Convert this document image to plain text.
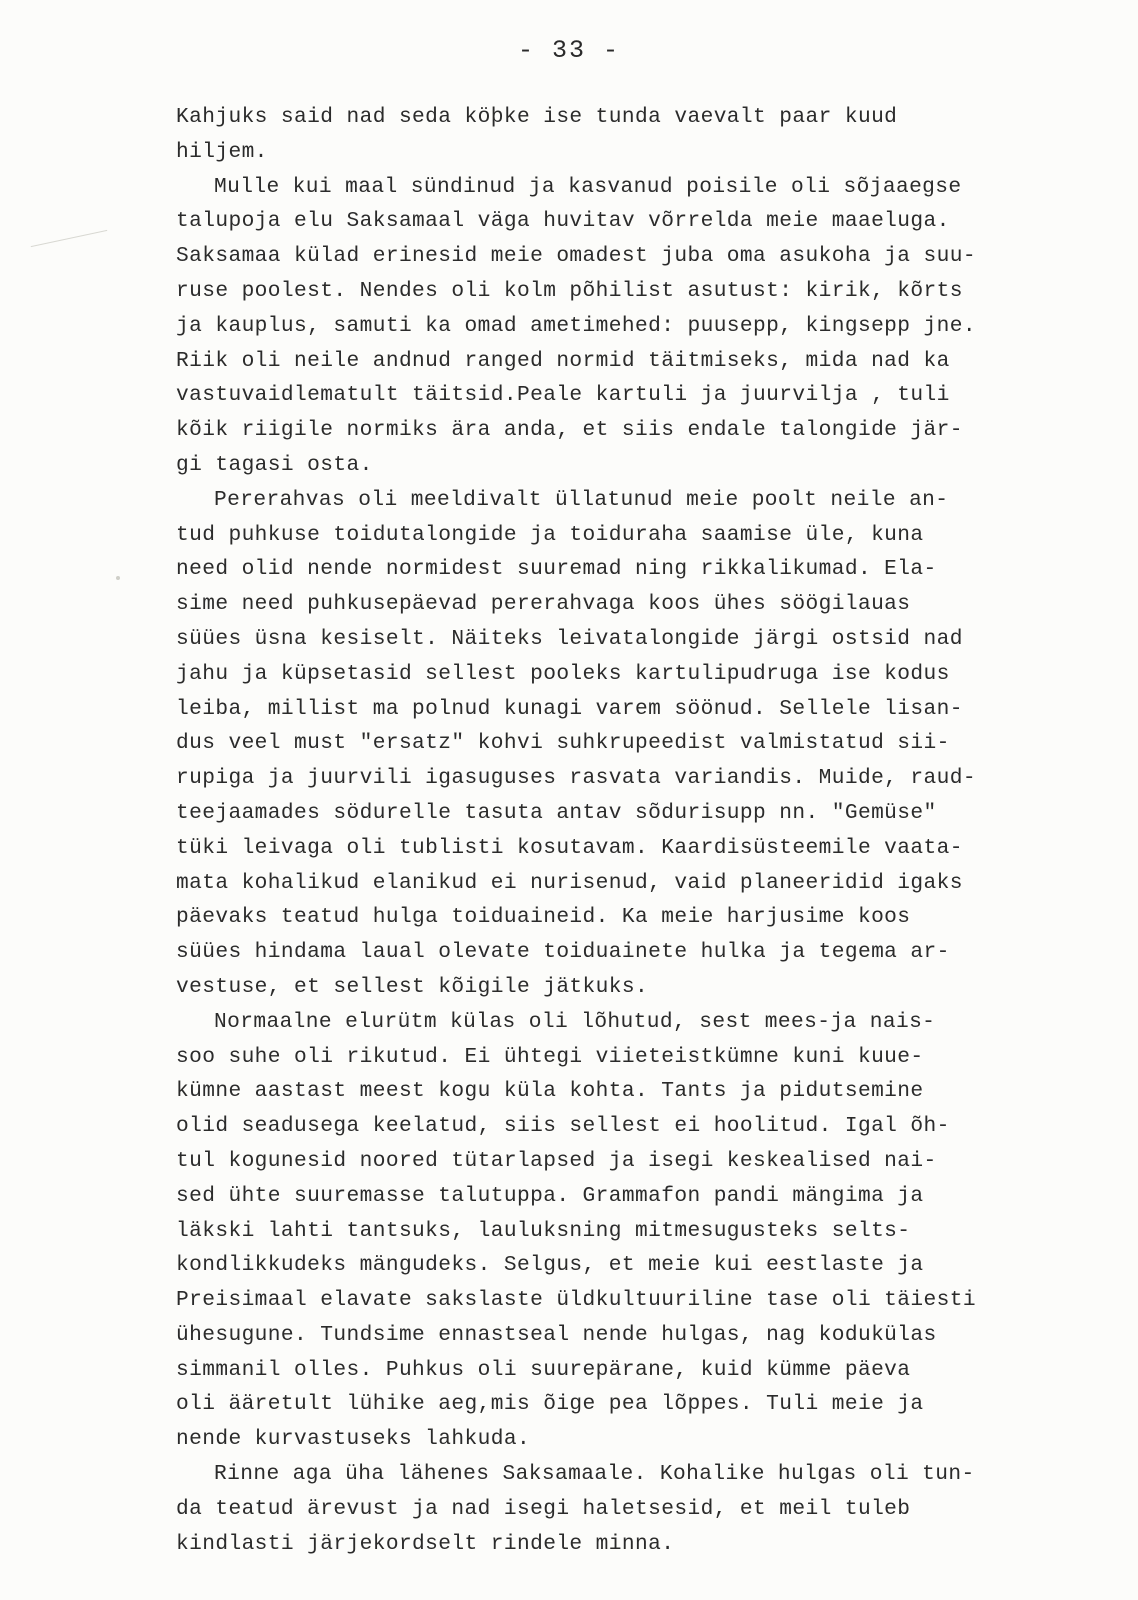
- 33 -
Kahjuks said nad seda köþke ise tunda vaevalt paar kuud
hiljem.
Mulle kui maal sündinud ja kasvanud poisile oli sõjaaegse
talupoja elu Saksamaal väga huvitav võrrelda meie maaeluga.
Saksamaa külad erinesid meie omadest juba oma asukoha ja suu-
ruse poolest. Nendes oli kolm põhilist asutust: kirik, kõrts
ja kauplus, samuti ka omad ametimehed: puusepp, kingsepp jne.
Riik oli neile andnud ranged normid täitmiseks, mida nad ka
vastuvaidlematult täitsid.Peale kartuli ja juurvilja , tuli
kõik riigile normiks ära anda, et siis endale talongide jär-
gi tagasi osta.
Pererahvas oli meeldivalt üllatunud meie poolt neile an-
tud puhkuse toidutalongide ja toiduraha saamise üle, kuna
need olid nende normidest suuremad ning rikkalikumad. Ela-
sime need puhkusepäevad pererahvaga koos ühes söögilauas
süües üsna kesiselt. Näiteks leivatalongide järgi ostsid nad
jahu ja küpsetasid sellest pooleks kartulipudruga ise kodus
leiba, millist ma polnud kunagi varem söönud. Sellele lisan-
dus veel must "ersatz" kohvi suhkrupeedist valmistatud sii-
rupiga ja juurvili igasuguses rasvata variandis. Muide, raud-
teejaamades södurelle tasuta antav sõdurisupp nn. "Gemüse"
tüki leivaga oli tublisti kosutavam. Kaardisüsteemile vaata-
mata kohalikud elanikud ei nurisenud, vaid planeeridid igaks
päevaks teatud hulga toiduaineid. Ka meie harjusime koos
süües hindama laual olevate toiduainete hulka ja tegema ar-
vestuse, et sellest kõigile jätkuks.
Normaalne elurütm külas oli lõhutud, sest mees-ja nais-
soo suhe oli rikutud. Ei ühtegi viieteistkümne kuni kuue-
kümne aastast meest kogu küla kohta. Tants ja pidutsemine
olid seadusega keelatud, siis sellest ei hoolitud. Igal õh-
tul kogunesid noored tütarlapsed ja isegi keskealised nai-
sed ühte suuremasse talutuppa. Grammafon pandi mängima ja
läkski lahti tantsuks, lauluksning mitmesugusteks selts-
kondlikkudeks mängudeks. Selgus, et meie kui eestlaste ja
Preisimaal elavate sakslaste üldkultuuriline tase oli täiesti
ühesugune. Tundsime ennastseal nende hulgas, nag kodukülas
simmanil olles. Puhkus oli suurepärane, kuid kümme päeva
oli ääretult lühike aeg,mis õige pea lõppes. Tuli meie ja
nende kurvastuseks lahkuda.
Rinne aga üha lähenes Saksamaale. Kohalike hulgas oli tun-
da teatud ärevust ja nad isegi haletsesid, et meil tuleb
kindlasti järjekordselt rindele minna.
